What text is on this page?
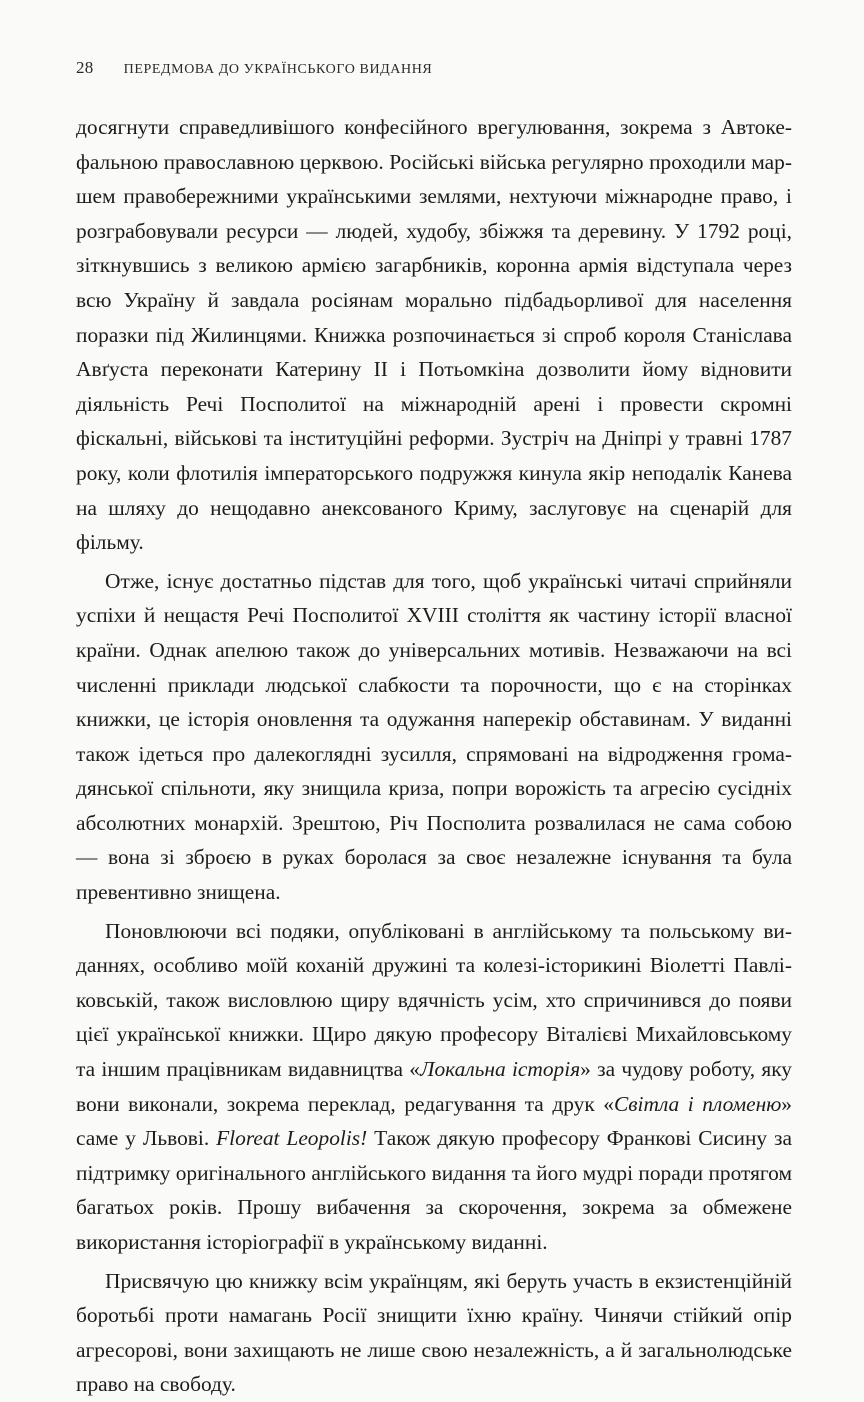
28 ПЕРЕДМОВА ДО УКРАЇНСЬКОГО ВИДАННЯ

досягнути справедливішого конфесійного врегулювання, зокрема з Автокефальною православною церквою. Російські війська регулярно проходили маршем правобережними українськими землями, нехтуючи міжнародне право, і розграбовували ресурси — людей, худобу, збіжжя та деревину. У 1792 році, зіткнувшись з великою армією загарбників, коронна армія відступала через всю Україну й завдала росіянам морально підбадьорливої для населення поразки під Жилинцями. Книжка розпочинається зі спроб короля Станіслава Авґуста переконати Катерину II і Потьомкіна дозволити йому відновити діяльність Речі Посполитої на міжнародній арені і провести скромні фіскальні, військові та інституційні реформи. Зустріч на Дніпрі у травні 1787 року, коли флотилія імператорського подружжя кинула якір неподалік Канева на шляху до нещодавно анексованого Криму, заслуговує на сценарій для фільму.

Отже, існує достатньо підстав для того, щоб українські читачі сприйняли успіхи й нещастя Речі Посполитої XVIII століття як частину історії власної країни. Однак апелюю також до універсальних мотивів. Незважаючи на всі численні приклади людської слабкости та порочности, що є на сторінках книжки, це історія оновлення та одужання наперекір обставинам. У виданні також ідеться про далекоглядні зусилля, спрямовані на відродження громадянської спільноти, яку знищила криза, попри ворожість та агресію сусідніх абсолютних монархій. Зрештою, Річ Посполита розвалилася не сама собою — вона зі зброєю в руках боролася за своє незалежне існування та була превентивно знищена.

Поновлюючи всі подяки, опубліковані в англійському та польському виданнях, особливо моїй коханій дружині та колезі-історикині Віолетті Павліковській, також висловлюю щиру вдячність усім, хто спричинився до появи цієї української книжки. Щиро дякую професору Віталієві Михайловському та іншим працівникам видавництва «Локальна історія» за чудову роботу, яку вони виконали, зокрема переклад, редагування та друк «Світла і пломеню» саме у Львові. Floreat Leopolis! Також дякую професору Франкові Сисину за підтримку оригінального англійського видання та його мудрі поради протягом багатьох років. Прошу вибачення за скорочення, зокрема за обмежене використання історіографії в українському виданні.

Присвячую цю книжку всім українцям, які беруть участь в екзистенційній боротьбі проти намагань Росії знищити їхню країну. Чинячи стійкий опір агресорові, вони захищають не лише свою незалежність, а й загальнолюдське право на свободу.
